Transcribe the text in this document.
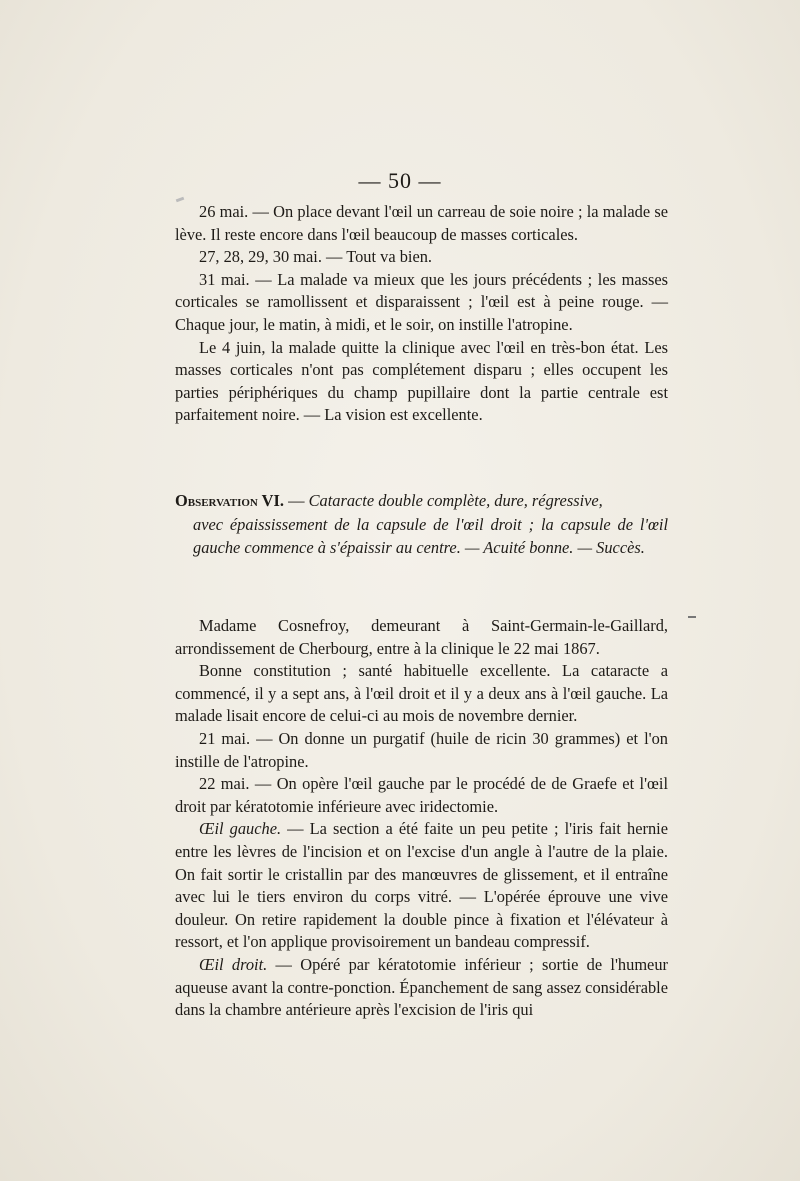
— 50 —

26 mai. — On place devant l'œil un carreau de soie noire ; la malade se lève. Il reste encore dans l'œil beaucoup de masses corticales.

27, 28, 29, 30 mai. — Tout va bien.

31 mai. — La malade va mieux que les jours précédents ; les masses corticales se ramollissent et disparaissent ; l'œil est à peine rouge. — Chaque jour, le matin, à midi, et le soir, on instille l'atropine.

Le 4 juin, la malade quitte la clinique avec l'œil en très-bon état. Les masses corticales n'ont pas complétement disparu ; elles occupent les parties périphériques du champ pupillaire dont la partie centrale est parfaitement noire. — La vision est excellente.

Observation VI. — Cataracte double complète, dure, régressive,
avec épaississement de la capsule de l'œil droit ; la capsule de l'œil gauche commence à s'épaissir au centre. — Acuité bonne. — Succès.

Madame Cosnefroy, demeurant à Saint-Germain-le-Gaillard, arrondissement de Cherbourg, entre à la clinique le 22 mai 1867.

Bonne constitution ; santé habituelle excellente. La cataracte a commencé, il y a sept ans, à l'œil droit et il y a deux ans à l'œil gauche. La malade lisait encore de celui-ci au mois de novembre dernier.

21 mai. — On donne un purgatif (huile de ricin 30 grammes) et l'on instille de l'atropine.

22 mai. — On opère l'œil gauche par le procédé de de Graefe et l'œil droit par kératotomie inférieure avec iridectomie.

Œil gauche. — La section a été faite un peu petite ; l'iris fait hernie entre les lèvres de l'incision et on l'excise d'un angle à l'autre de la plaie. On fait sortir le cristallin par des manœuvres de glissement, et il entraîne avec lui le tiers environ du corps vitré. — L'opérée éprouve une vive douleur. On retire rapidement la double pince à fixation et l'élévateur à ressort, et l'on applique provisoirement un bandeau compressif.

Œil droit. — Opéré par kératotomie inférieur ; sortie de l'humeur aqueuse avant la contre-ponction. Épanchement de sang assez considérable dans la chambre antérieure après l'excision de l'iris qui
